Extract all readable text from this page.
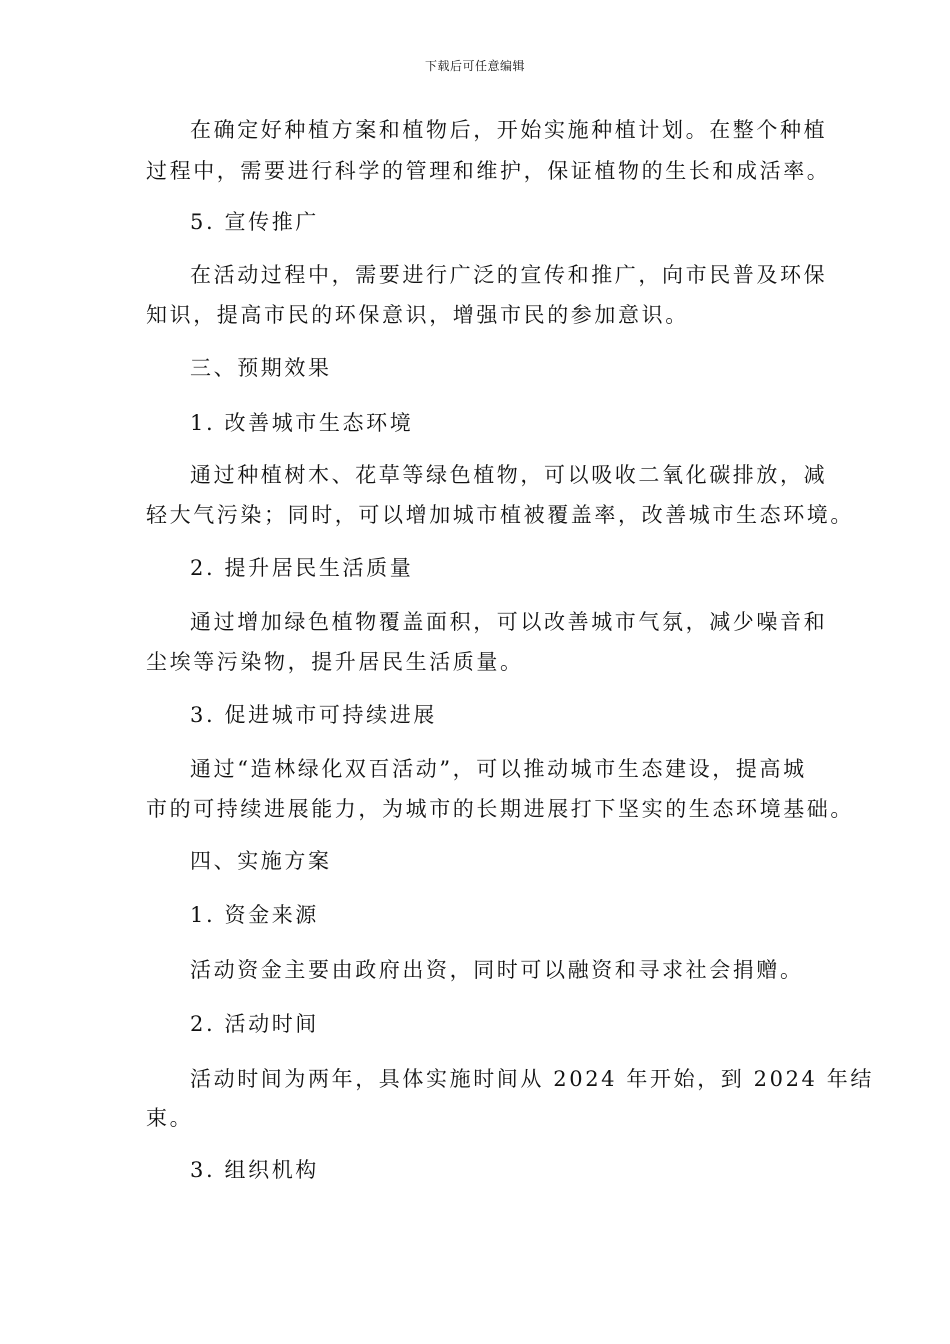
下载后可任意编辑
在确定好种植方案和植物后，开始实施种植计划。在整个种植
过程中，需要进行科学的管理和维护，保证植物的生长和成活率。
5. 宣传推广
在活动过程中，需要进行广泛的宣传和推广，向市民普及环保
知识，提高市民的环保意识，增强市民的参加意识。
三、预期效果
1. 改善城市生态环境
通过种植树木、花草等绿色植物，可以吸收二氧化碳排放，减
轻大气污染；同时，可以增加城市植被覆盖率，改善城市生态环境。
2. 提升居民生活质量
通过增加绿色植物覆盖面积，可以改善城市气氛，减少噪音和
尘埃等污染物，提升居民生活质量。
3. 促进城市可持续进展
通过“造林绿化双百活动”，可以推动城市生态建设，提高城
市的可持续进展能力，为城市的长期进展打下坚实的生态环境基础。
四、实施方案
1. 资金来源
活动资金主要由政府出资，同时可以融资和寻求社会捐赠。
2. 活动时间
活动时间为两年，具体实施时间从 2024 年开始，到 2024 年结
束。
3. 组织机构
